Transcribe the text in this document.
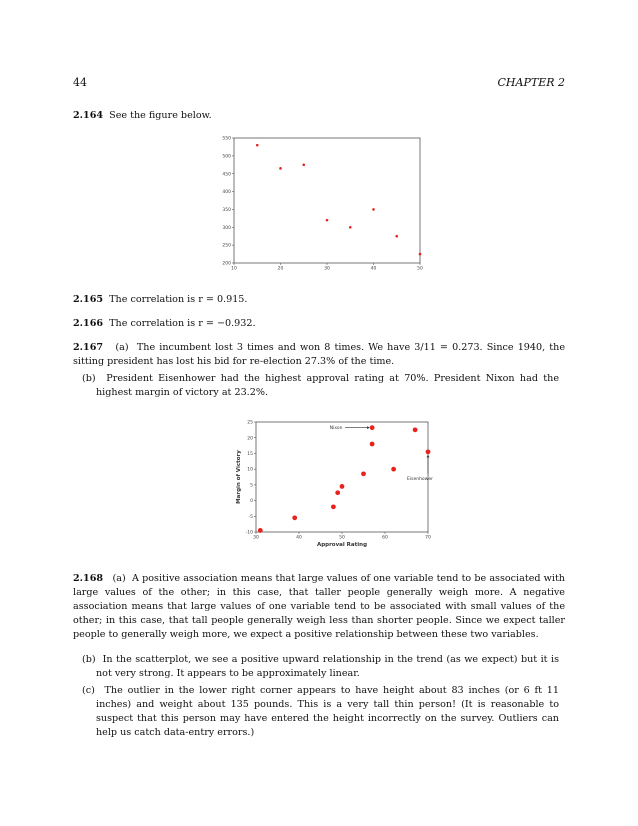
44	CHAPTER 2
2.164 See the figure below.
10	20	30	40	50
200
250
300
350
400
450
500
550
2.165 The correlation is r = 0.915.
2.166 The correlation is r = −0.932.
2.167 (a) The incumbent lost 3 times and won 8 times. We have 3/11 = 0.273. Since 1940, the sitting president has lost his bid for re-election 27.3% of the time.
(b) President Eisenhower had the highest approval rating at 70%. President Nixon had the highest margin of victory at 23.2%.
30	40	50	60	70
-10
-5
0
5
10
15
20
25
Approval Rating
Margin of Victory
Nixon
Eisenhower
2.168 (a) A positive association means that large values of one variable tend to be associated with large values of the other; in this case, that taller people generally weigh more. A negative association means that large values of one variable tend to be associated with small values of the other; in this case, that tall people generally weigh less than shorter people. Since we expect taller people to generally weigh more, we expect a positive relationship between these two variables.
(b) In the scatterplot, we see a positive upward relationship in the trend (as we expect) but it is not very strong. It appears to be approximately linear.
(c) The outlier in the lower right corner appears to have height about 83 inches (or 6 ft 11 inches) and weight about 135 pounds. This is a very tall thin person! (It is reasonable to suspect that this person may have entered the height incorrectly on the survey. Outliers can help us catch data-entry errors.)
